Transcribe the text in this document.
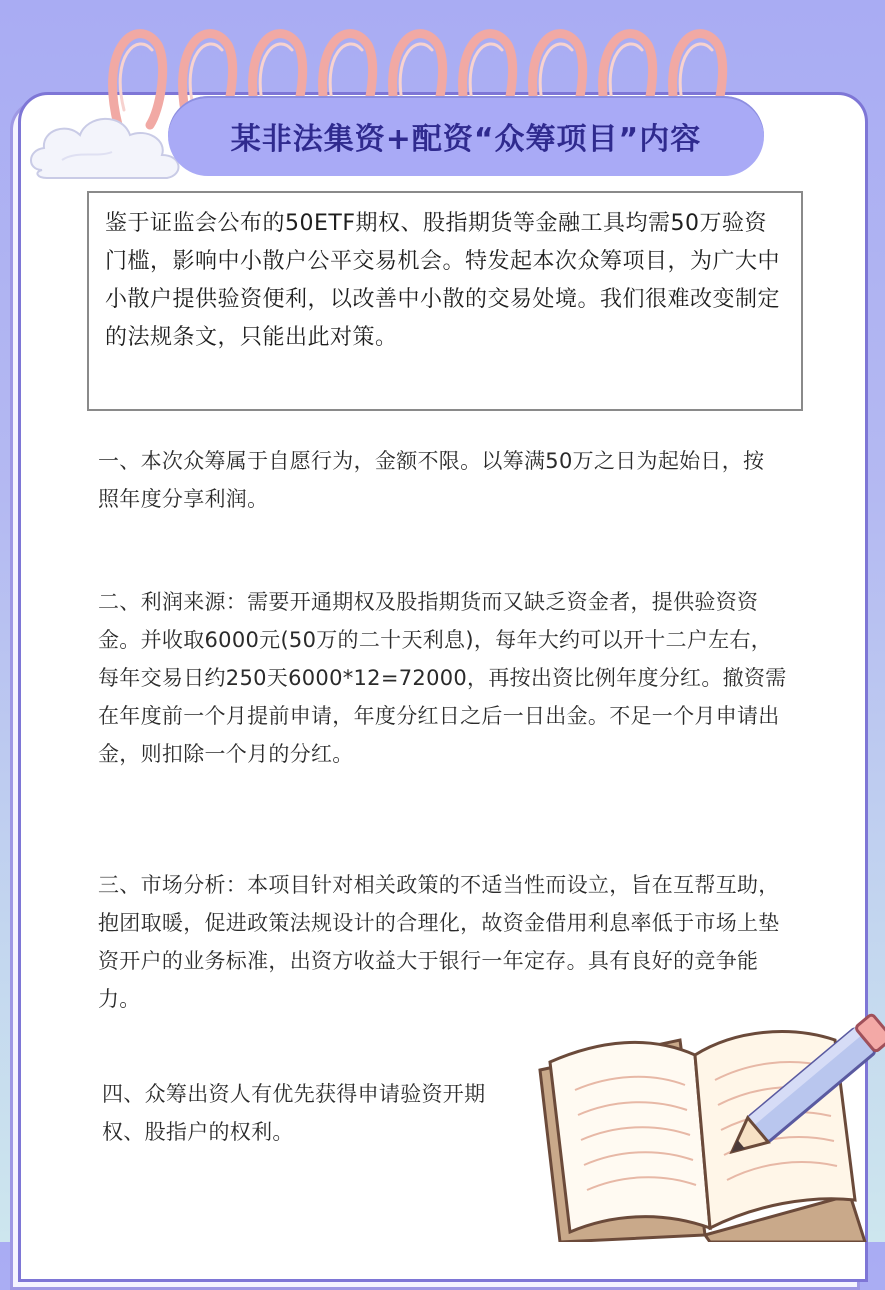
某非法集资+配资“众筹项目”内容

鉴于证监会公布的50ETF期权、股指期货等金融工具均需50万验资门槛，影响中小散户公平交易机会。特发起本次众筹项目，为广大中小散户提供验资便利，以改善中小散的交易处境。我们很难改变制定的法规条文，只能出此对策。

一、本次众筹属于自愿行为，金额不限。以筹满50万之日为起始日，按照年度分享利润。

二、利润来源：需要开通期权及股指期货而又缺乏资金者，提供验资资金。并收取6000元(50万的二十天利息)，每年大约可以开十二户左右，每年交易日约250天6000*12=72000，再按出资比例年度分红。撤资需在年度前一个月提前申请，年度分红日之后一日出金。不足一个月申请出金，则扣除一个月的分红。

三、市场分析：本项目针对相关政策的不适当性而设立，旨在互帮互助，抱团取暖，促进政策法规设计的合理化，故资金借用利息率低于市场上垫资开户的业务标准，出资方收益大于银行一年定存。具有良好的竞争能力。

四、众筹出资人有优先获得申请验资开期权、股指户的权利。
